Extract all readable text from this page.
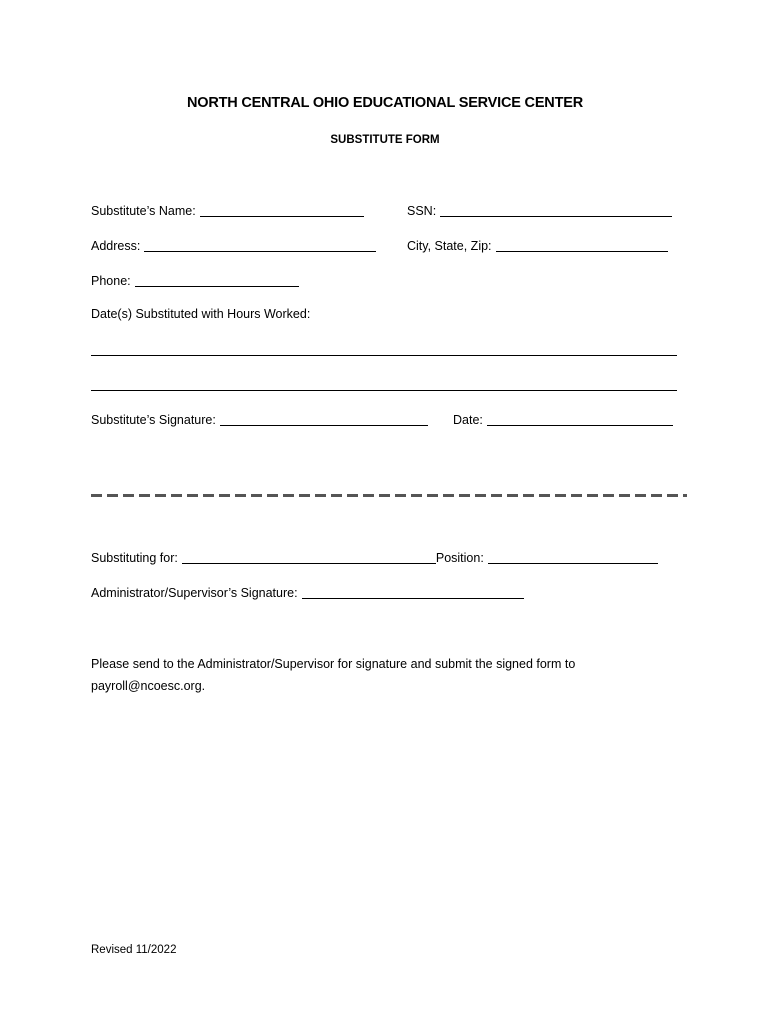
NORTH CENTRAL OHIO EDUCATIONAL SERVICE CENTER
SUBSTITUTE FORM
Substitute’s Name:	SSN:
Address:	City, State, Zip:
Phone:
Date(s) Substituted with Hours Worked:
Substitute’s Signature:	Date:
Substituting for:	Position:
Administrator/Supervisor’s Signature:
Please send to the Administrator/Supervisor for signature and submit the signed form to payroll@ncoesc.org.
Revised 11/2022
